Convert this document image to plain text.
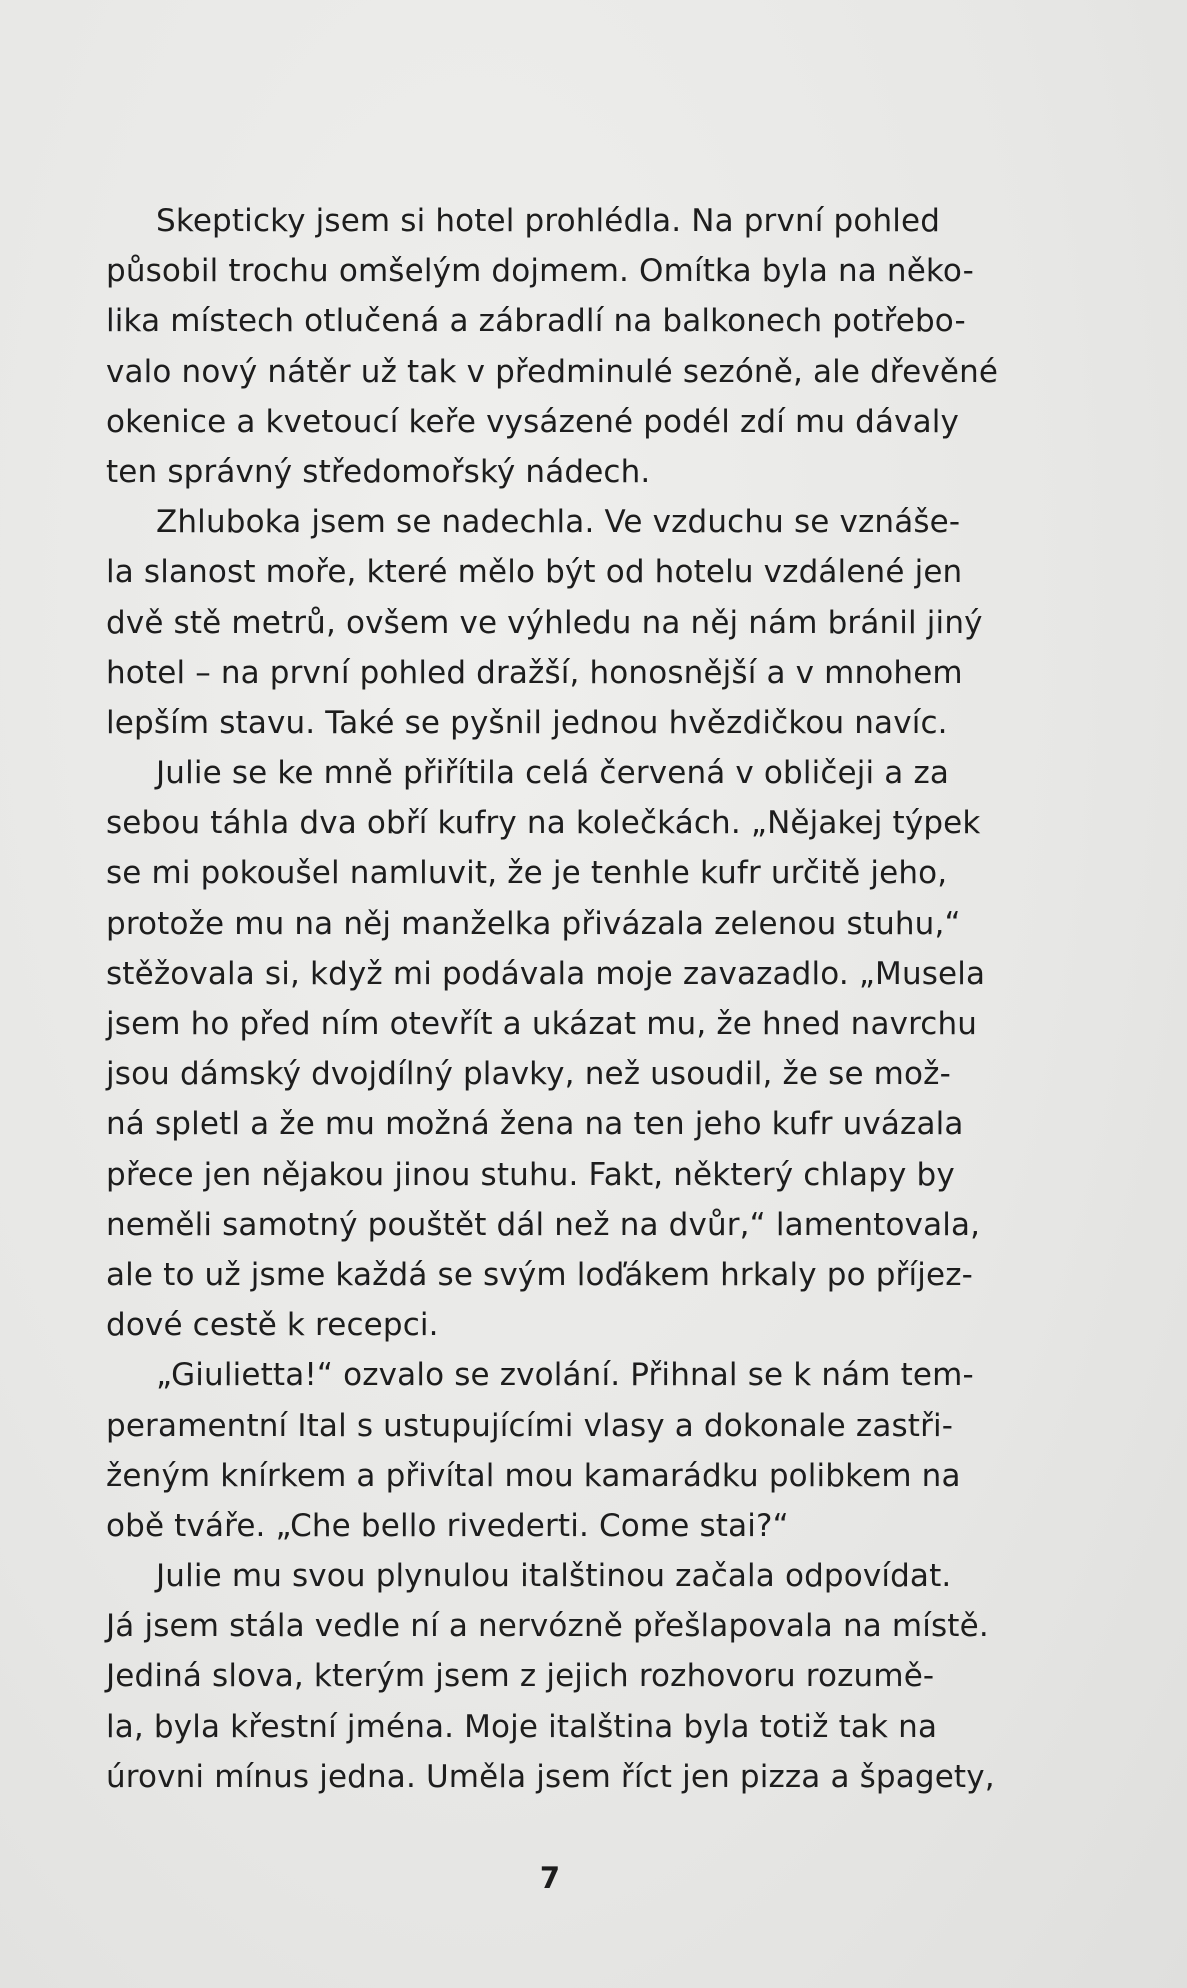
Skepticky jsem si hotel prohlédla. Na první pohled
působil trochu omšelým dojmem. Omítka byla na něko-
lika místech otlučená a zábradlí na balkonech potřebo-
valo nový nátěr už tak v předminulé sezóně, ale dřevěné
okenice a kvetoucí keře vysázené podél zdí mu dávaly
ten správný středomořský nádech.
Zhluboka jsem se nadechla. Ve vzduchu se vznáše-
la slanost moře, které mělo být od hotelu vzdálené jen
dvě stě metrů, ovšem ve výhledu na něj nám bránil jiný
hotel – na první pohled dražší, honosnější a v mnohem
lepším stavu. Také se pyšnil jednou hvězdičkou navíc.
Julie se ke mně přiřítila celá červená v obličeji a za
sebou táhla dva obří kufry na kolečkách. „Nějakej týpek
se mi pokoušel namluvit, že je tenhle kufr určitě jeho,
protože mu na něj manželka přivázala zelenou stuhu,“
stěžovala si, když mi podávala moje zavazadlo. „Musela
jsem ho před ním otevřít a ukázat mu, že hned navrchu
jsou dámský dvojdílný plavky, než usoudil, že se mož-
ná spletl a že mu možná žena na ten jeho kufr uvázala
přece jen nějakou jinou stuhu. Fakt, některý chlapy by
neměli samotný pouštět dál než na dvůr,“ lamentovala,
ale to už jsme každá se svým loďákem hrkaly po příjez-
dové cestě k recepci.
„Giulietta!“ ozvalo se zvolání. Přihnal se k nám tem-
peramentní Ital s ustupujícími vlasy a dokonale zastři-
ženým knírkem a přivítal mou kamarádku polibkem na
obě tváře. „Che bello rivederti. Come stai?“
Julie mu svou plynulou italštinou začala odpovídat.
Já jsem stála vedle ní a nervózně přešlapovala na místě.
Jediná slova, kterým jsem z jejich rozhovoru rozumě-
la, byla křestní jména. Moje italština byla totiž tak na
úrovni mínus jedna. Uměla jsem říct jen pizza a špagety,
7
